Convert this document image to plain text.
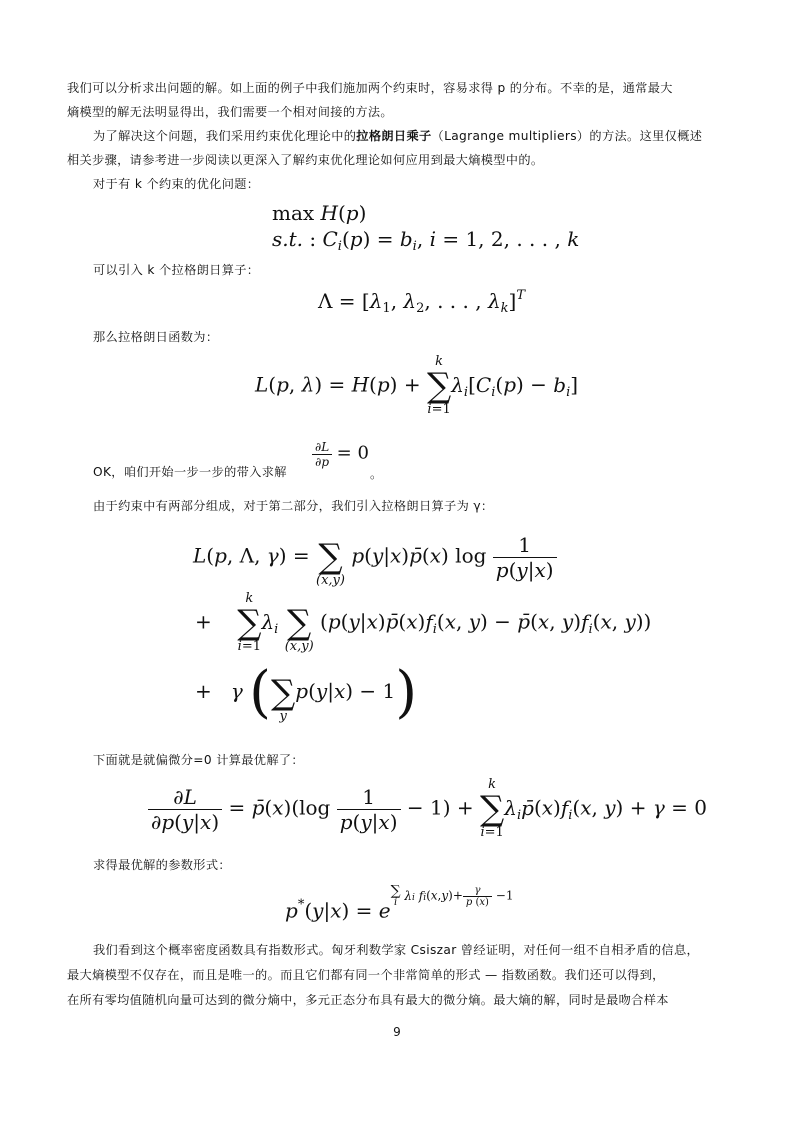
我们可以分析求出问题的解。如上面的例子中我们施加两个约束时，容易求得 p 的分布。不幸的是，通常最大
熵模型的解无法明显得出，我们需要一个相对间接的方法。
为了解决这个问题，我们采用约束优化理论中的拉格朗日乘子（Lagrange multipliers）的方法。这里仅概述
相关步骤，请参考进一步阅读以更深入了解约束优化理论如何应用到最大熵模型中的。
对于有 k 个约束的优化问题：
max H(p)
s.t. : $C_i(p) = b_i$, i = 1, 2, . . . , k
可以引入 k 个拉格朗日算子：
$\Lambda = [\lambda_1$, $\lambda_2$, . . . , $\lambda_k]^T$
那么拉格朗日函数为：
L(p, λ) = H(p) +
k
∑
i=1
$\lambda_i[C_i(p) - b_i]$
OK，咱们开始一步一步的带入求解
$\frac{\partial L}{\partial p} = 0$
。
由于约束中有两部分组成，对于第二部分，我们引入拉格朗日算子为 γ：
L(p, Λ, γ) =
∑
(x,y)
p(y|x)p̄(x) $\log \frac{1}{p(y|x)}$
+
k
∑
i=1
$\lambda_i$
∑
(x,y)
($p(y|x)p̄(x)f_i(x$, y) − p̄(x, $y)f_i(x$, y))
+   γ (
∑
y
p(y|x) − 1)
下面就是就偏微分=0 计算最优解了：
$\frac{\partial L}{\partial p(y|x)}$ = p̄(x)(log $\frac{1}{p(y|x)} - 1$) +
k
∑
i=1
$\lambda_ip̄(x)f_i(x$, y) + γ = 0
求得最优解的参数形式：
p*(y|x) = e
∑
i λi $fi(x,y)+ \frac{\gamma}{p (x)} -1$
我们看到这个概率密度函数具有指数形式。匈牙利数学家 Csiszar 曾经证明，对任何一组不自相矛盾的信息，
最大熵模型不仅存在，而且是唯一的。而且它们都有同一个非常简单的形式 — 指数函数。我们还可以得到，
在所有零均值随机向量可达到的微分熵中，多元正态分布具有最大的微分熵。最大熵的解，同时是最吻合样本
9
